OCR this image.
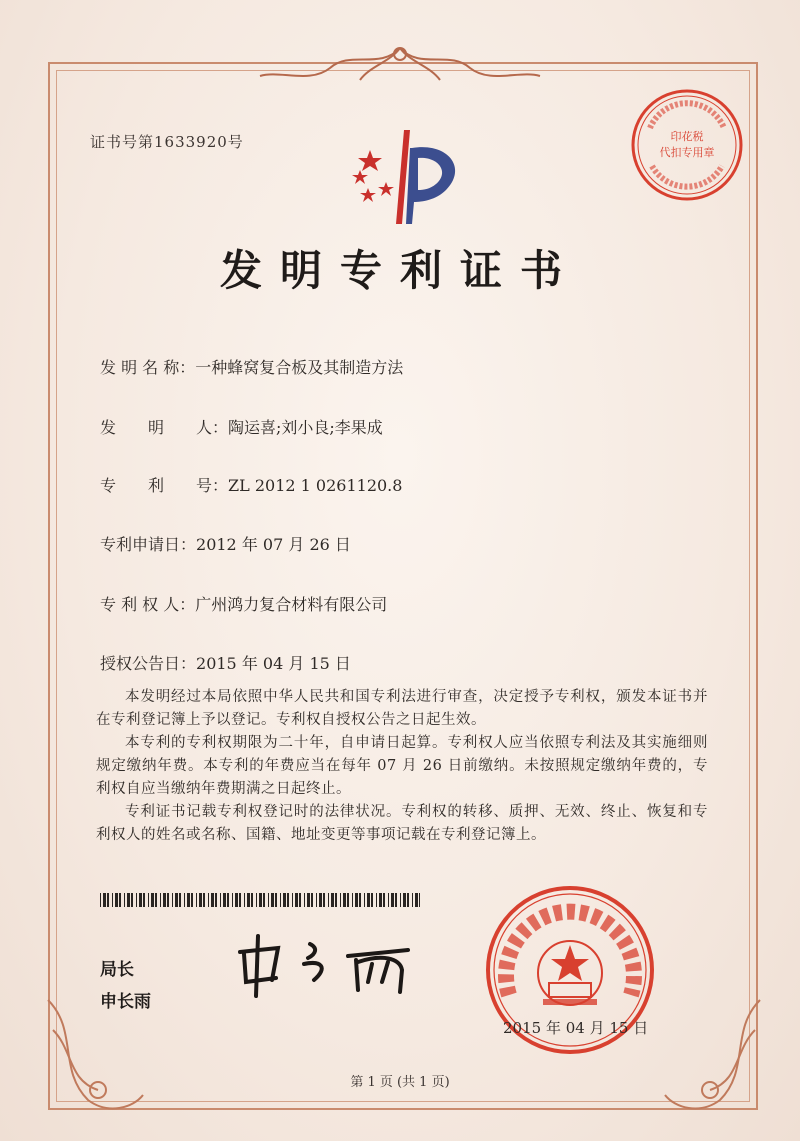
证书号第1633920号	印花税
代扣专用章
发明专利证书
发 明 名 称：一种蜂窝复合板及其制造方法
发　　明　　人：陶运喜;刘小良;李果成
专　　利　　号：ZL 2012 1 0261120.8
专利申请日：2012 年 07 月 26 日
专 利 权 人：广州鸿力复合材料有限公司
授权公告日：2015 年 04 月 15 日

本发明经过本局依照中华人民共和国专利法进行审查，决定授予专利权，颁发本证书并在专利登记簿上予以登记。专利权自授权公告之日起生效。

本专利的专利权期限为二十年，自申请日起算。专利权人应当依照专利法及其实施细则规定缴纳年费。本专利的年费应当在每年 07 月 26 日前缴纳。未按照规定缴纳年费的，专利权自应当缴纳年费期满之日起终止。

专利证书记载专利权登记时的法律状况。专利权的转移、质押、无效、终止、恢复和专利权人的姓名或名称、国籍、地址变更等事项记载在专利登记簿上。

局长
申长雨
2015 年 04 月 15 日
第 1 页 (共 1 页)
